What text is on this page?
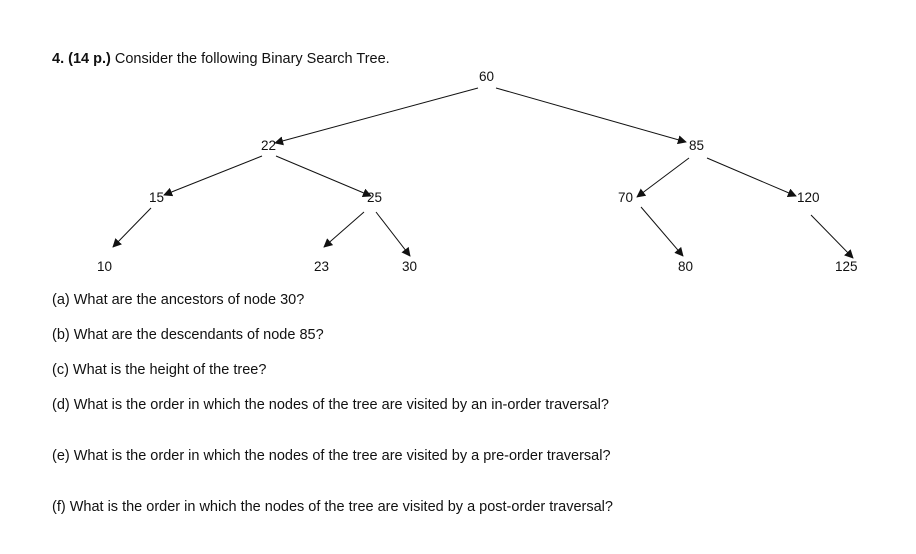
4. (14 p.) Consider the following Binary Search Tree.
60
22	85
15	25	70	120
10	23	30	80	125
(a) What are the ancestors of node 30?
(b) What are the descendants of node 85?
(c) What is the height of the tree?
(d) What is the order in which the nodes of the tree are visited by an in-order traversal?
(e) What is the order in which the nodes of the tree are visited by a pre-order traversal?
(f) What is the order in which the nodes of the tree are visited by a post-order traversal?
